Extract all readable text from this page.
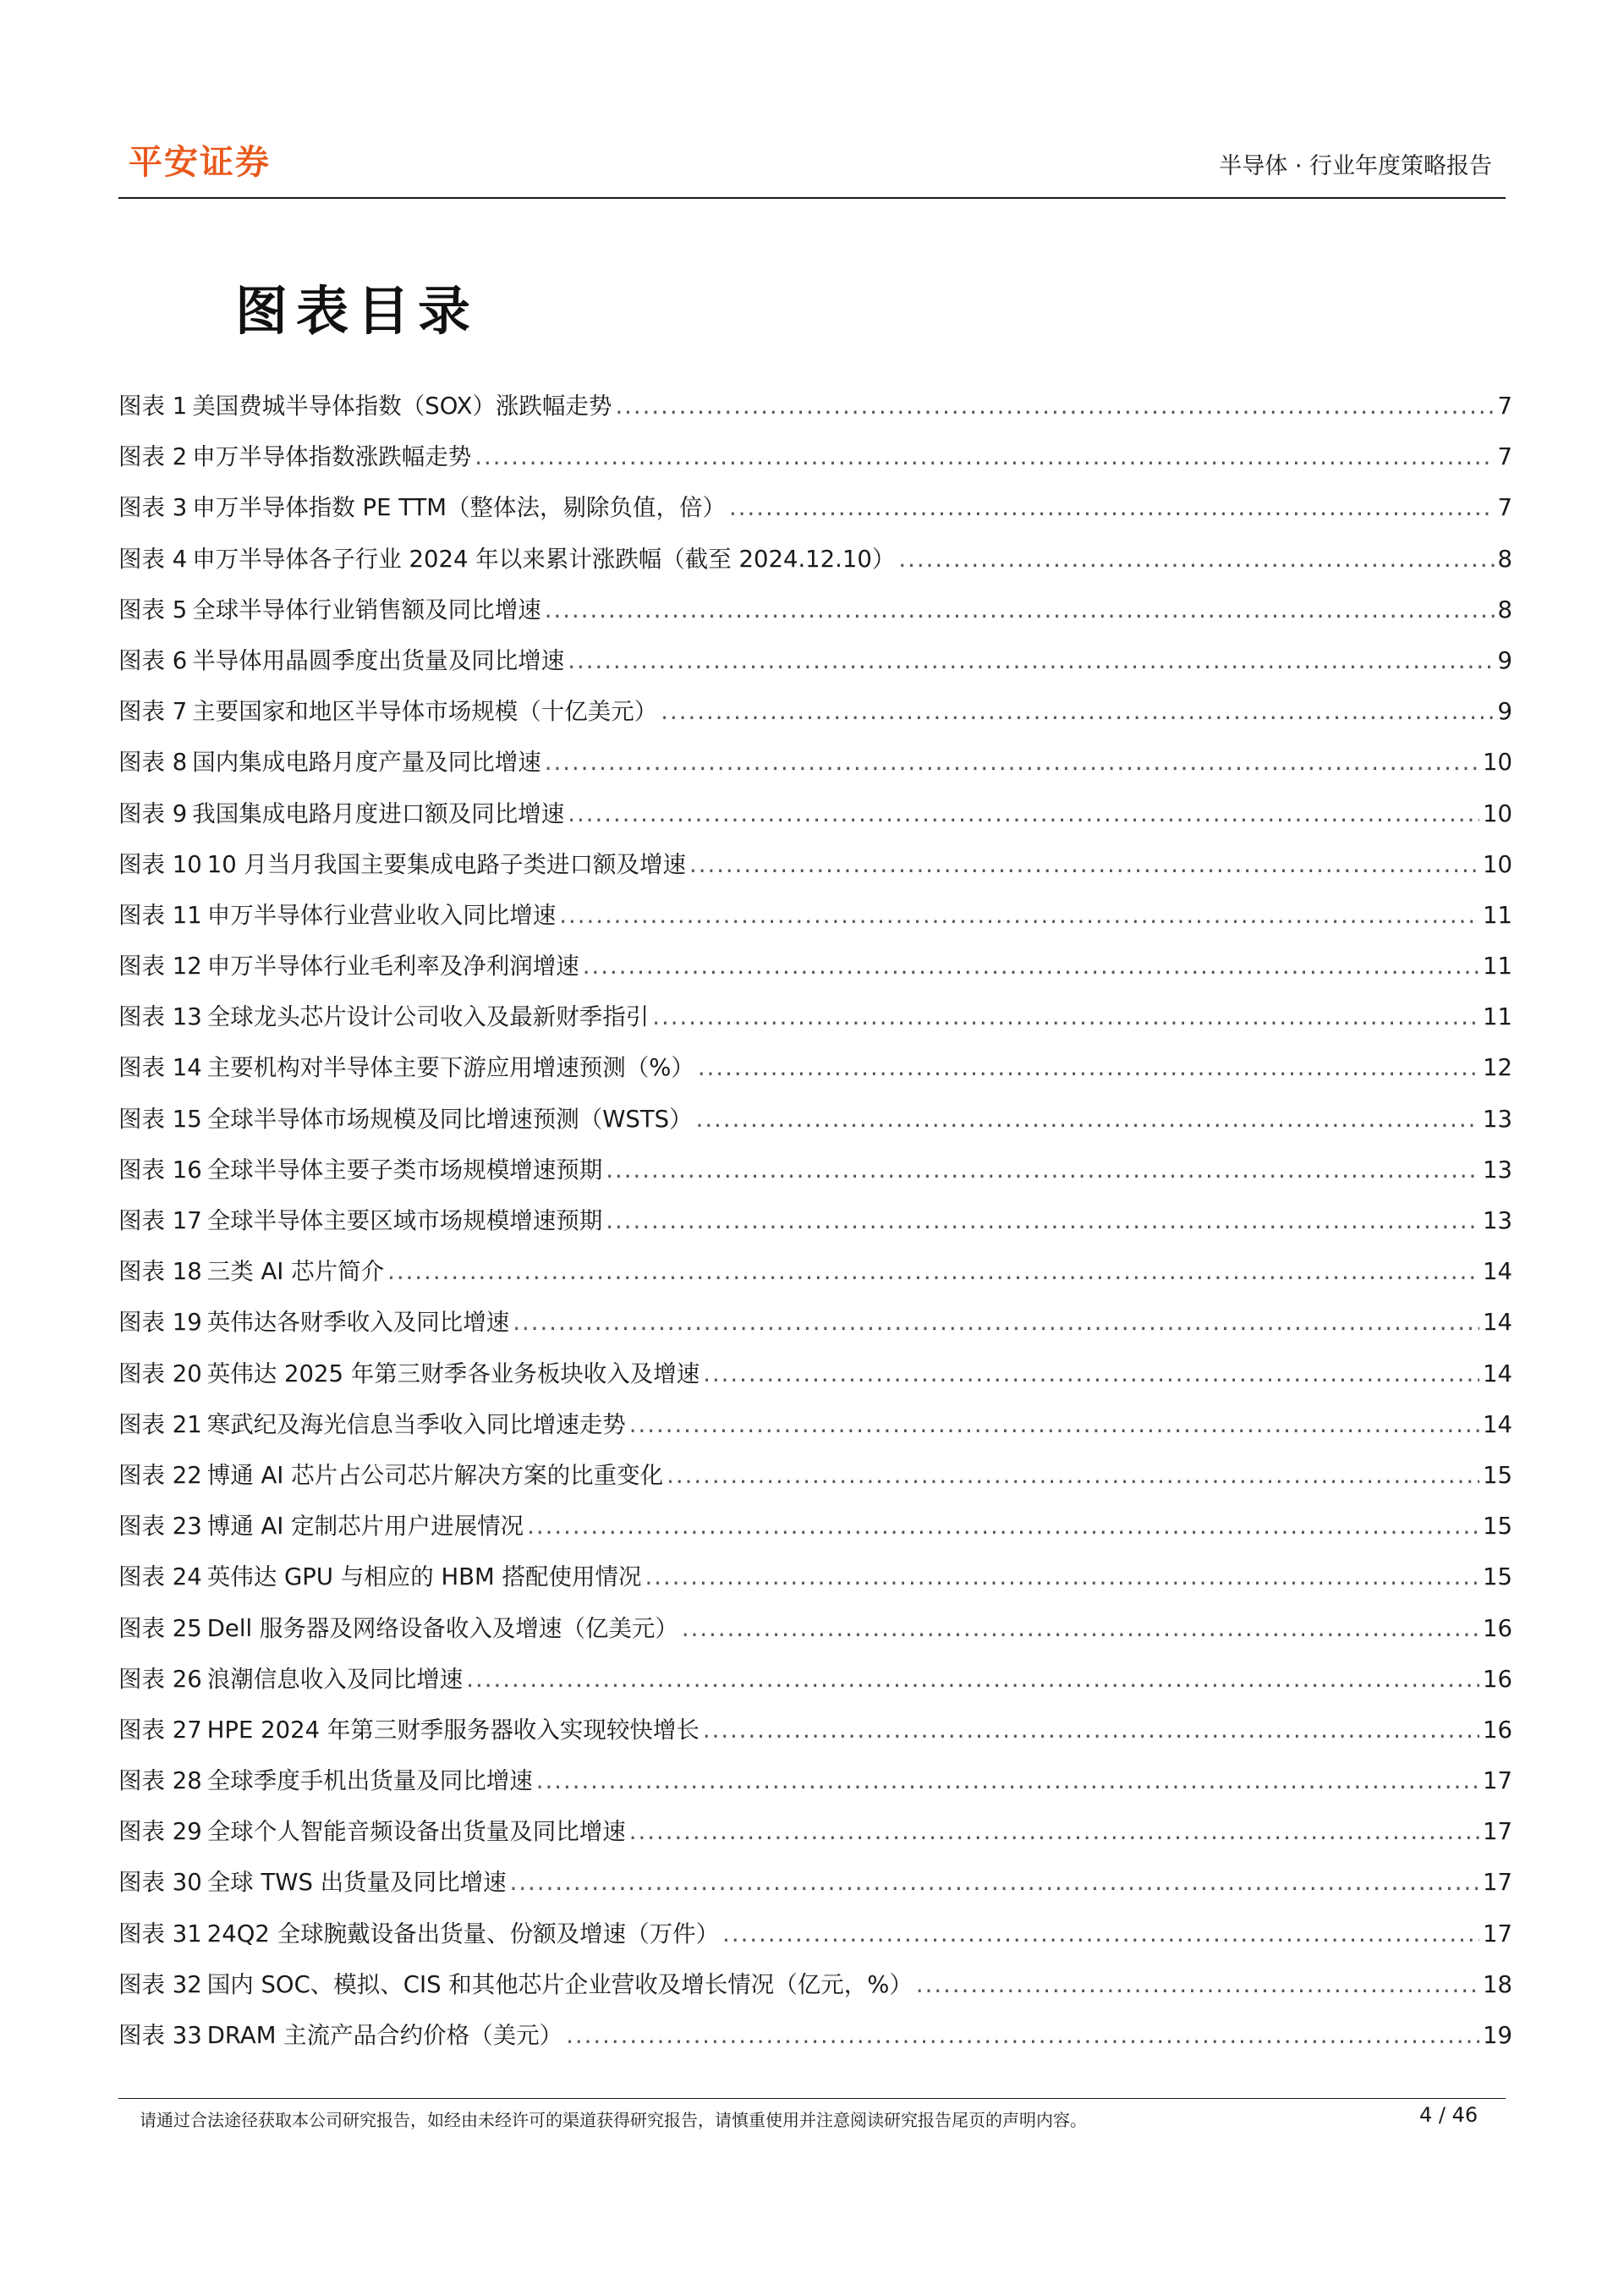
平安证券	半导体 · 行业年度策略报告
图表目录
图表 1 美国费城半导体指数（SOX）涨跌幅走势 .....	7
图表 2 申万半导体指数涨跌幅走势 .....	7
图表 3 申万半导体指数 PE TTM（整体法，剔除负值，倍） .....	7
图表 4 申万半导体各子行业 2024 年以来累计涨跌幅（截至 2024.12.10） .....	8
图表 5 全球半导体行业销售额及同比增速 .....	8
图表 6 半导体用晶圆季度出货量及同比增速 .....	9
图表 7 主要国家和地区半导体市场规模（十亿美元） .....	9
图表 8 国内集成电路月度产量及同比增速 .....	10
图表 9 我国集成电路月度进口额及同比增速 .....	10
图表 10 10 月当月我国主要集成电路子类进口额及增速 .....	10
图表 11 申万半导体行业营业收入同比增速 .....	11
图表 12 申万半导体行业毛利率及净利润增速 .....	11
图表 13 全球龙头芯片设计公司收入及最新财季指引 .....	11
图表 14 主要机构对半导体主要下游应用增速预测（%） .....	12
图表 15 全球半导体市场规模及同比增速预测（WSTS） .....	13
图表 16 全球半导体主要子类市场规模增速预期 .....	13
图表 17 全球半导体主要区域市场规模增速预期 .....	13
图表 18 三类 AI 芯片简介 .....	14
图表 19 英伟达各财季收入及同比增速 .....	14
图表 20 英伟达 2025 年第三财季各业务板块收入及增速 .....	14
图表 21 寒武纪及海光信息当季收入同比增速走势 .....	14
图表 22 博通 AI 芯片占公司芯片解决方案的比重变化 .....	15
图表 23 博通 AI 定制芯片用户进展情况 .....	15
图表 24 英伟达 GPU 与相应的 HBM 搭配使用情况 .....	15
图表 25 Dell 服务器及网络设备收入及增速（亿美元） .....	16
图表 26 浪潮信息收入及同比增速 .....	16
图表 27 HPE 2024 年第三财季服务器收入实现较快增长 .....	16
图表 28 全球季度手机出货量及同比增速 .....	17
图表 29 全球个人智能音频设备出货量及同比增速 .....	17
图表 30 全球 TWS 出货量及同比增速 .....	17
图表 31 24Q2 全球腕戴设备出货量、份额及增速（万件） .....	17
图表 32 国内 SOC、模拟、CIS 和其他芯片企业营收及增长情况（亿元，%） .....	18
图表 33 DRAM 主流产品合约价格（美元） .....	19
请通过合法途径获取本公司研究报告，如经由未经许可的渠道获得研究报告，请慎重使用并注意阅读研究报告尾页的声明内容。	4 / 46
